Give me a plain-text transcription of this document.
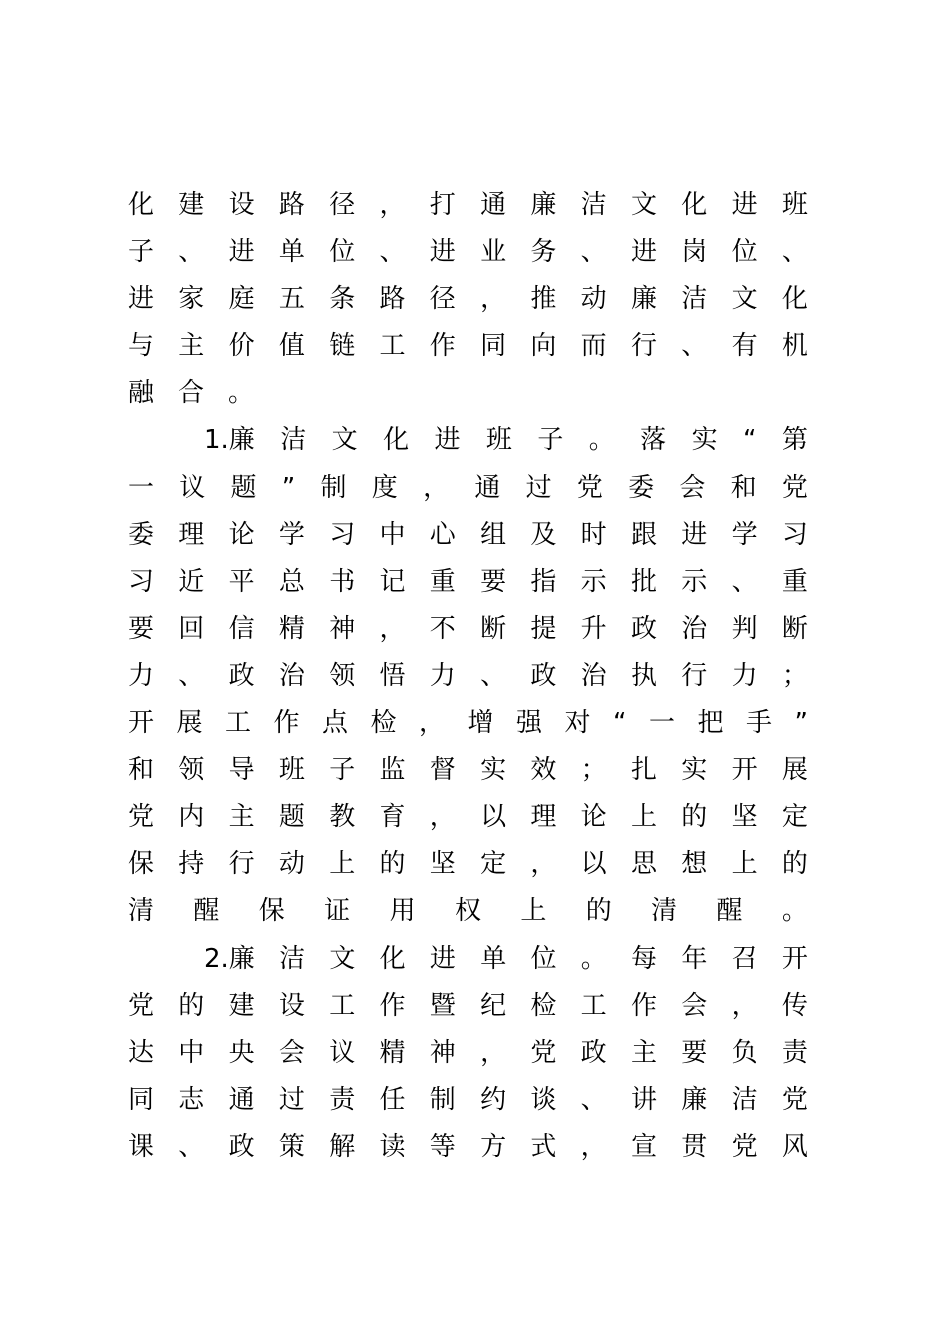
化 建 设 路 径 ， 打 通 廉 洁 文 化 进 班
子 、 进 单 位 、 进 业 务 、 进 岗 位 、
进 家 庭 五 条 路 径 ， 推 动 廉 洁 文 化
与 主 价 值 链 工 作 同 向 而 行 、 有 机
融 合 。
1.廉 洁 文 化 进 班 子 。 落 实 “ 第
一 议 题 ” 制 度 ， 通 过 党 委 会 和 党
委 理 论 学 习 中 心 组 及 时 跟 进 学 习
习 近 平 总 书 记 重 要 指 示 批 示 、 重
要 回 信 精 神 ， 不 断 提 升 政 治 判 断
力 、 政 治 领 悟 力 、 政 治 执 行 力 ；
开 展 工 作 点 检 ， 增 强 对 “ 一 把 手 ”
和 领 导 班 子 监 督 实 效 ； 扎 实 开 展
党 内 主 题 教 育 ， 以 理 论 上 的 坚 定
保 持 行 动 上 的 坚 定 ， 以 思 想 上 的
清 醒 保 证 用 权 上 的 清 醒 。
2.廉 洁 文 化 进 单 位 。 每 年 召 开
党 的 建 设 工 作 暨 纪 检 工 作 会 ， 传
达 中 央 会 议 精 神 ， 党 政 主 要 负 责
同 志 通 过 责 任 制 约 谈 、 讲 廉 洁 党
课 、 政 策 解 读 等 方 式 ， 宣 贯 党 风
